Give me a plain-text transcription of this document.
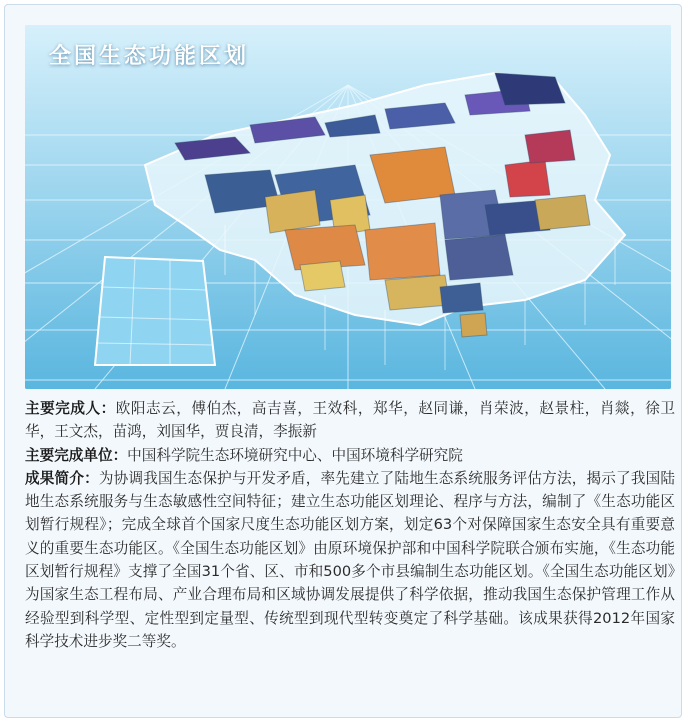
全国生态功能区划

主要完成人：欧阳志云，傅伯杰，高吉喜，王效科，郑华，赵同谦，肖荣波，赵景柱，肖燚，徐卫华，王文杰，苗鸿，刘国华，贾良清，李振新

主要完成单位：中国科学院生态环境研究中心、中国环境科学研究院

成果简介：为协调我国生态保护与开发矛盾，率先建立了陆地生态系统服务评估方法，揭示了我国陆地生态系统服务与生态敏感性空间特征；建立生态功能区划理论、程序与方法，编制了《生态功能区划暂行规程》；完成全球首个国家尺度生态功能区划方案，划定63个对保障国家生态安全具有重要意义的重要生态功能区。《全国生态功能区划》由原环境保护部和中国科学院联合颁布实施，《生态功能区划暂行规程》支撑了全国31个省、区、市和500多个市县编制生态功能区划。《全国生态功能区划》为国家生态工程布局、产业合理布局和区域协调发展提供了科学依据，推动我国生态保护管理工作从经验型到科学型、定性型到定量型、传统型到现代型转变奠定了科学基础。该成果获得2012年国家科学技术进步奖二等奖。
